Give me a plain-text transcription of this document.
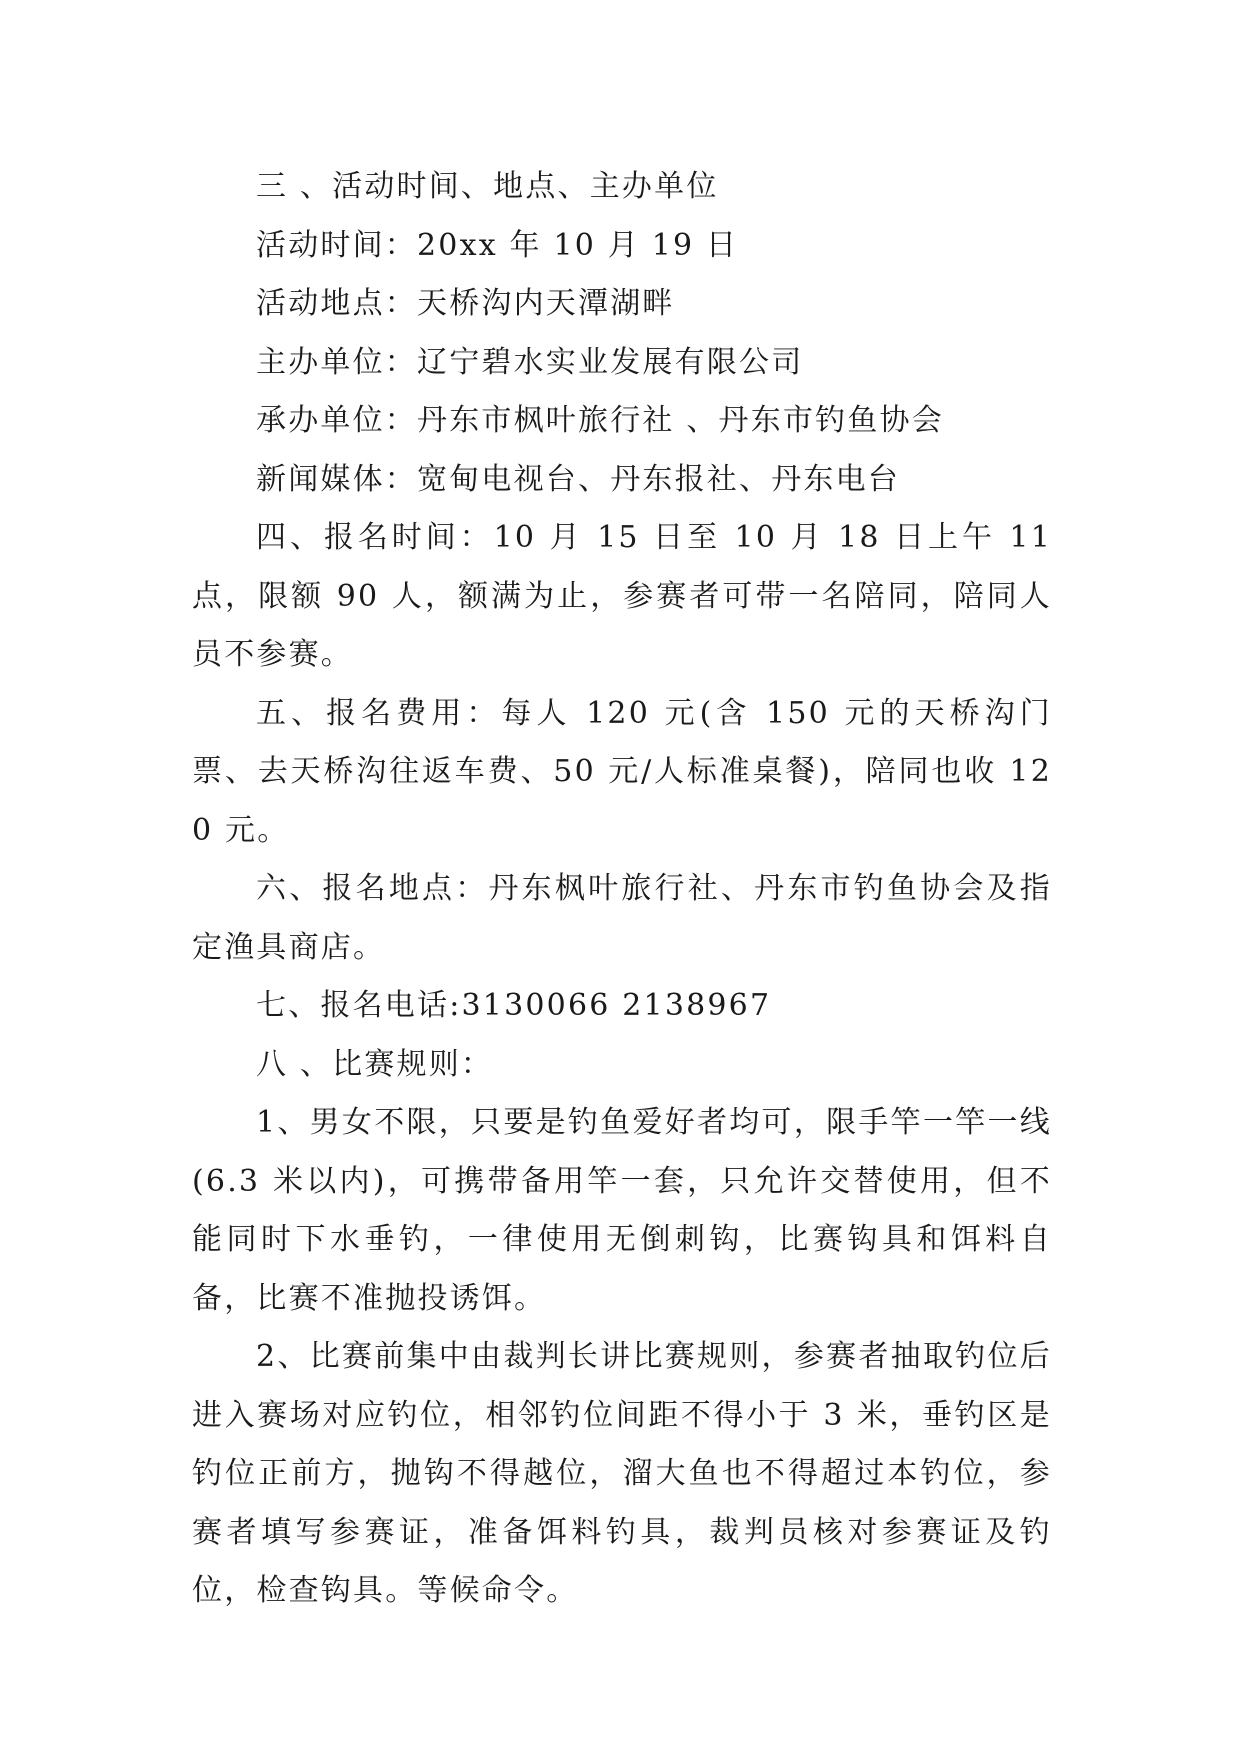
三 、活动时间、地点、主办单位

活动时间：20xx 年 10 月 19 日

活动地点：天桥沟内天潭湖畔

主办单位：辽宁碧水实业发展有限公司

承办单位：丹东市枫叶旅行社 、丹东市钓鱼协会

新闻媒体：宽甸电视台、丹东报社、丹东电台

四、报名时间：10 月 15 日至 10 月 18 日上午 11 点，限额 90 人，额满为止，参赛者可带一名陪同，陪同人员不参赛。

五、报名费用：每人 120 元(含 150 元的天桥沟门票、去天桥沟往返车费、50 元/人标准桌餐)，陪同也收 120 元。

六、报名地点：丹东枫叶旅行社、丹东市钓鱼协会及指定渔具商店。

七、报名电话:3130066 2138967

八 、比赛规则：

1、男女不限，只要是钓鱼爱好者均可，限手竿一竿一线(6.3 米以内)，可携带备用竿一套，只允许交替使用，但不能同时下水垂钓，一律使用无倒刺钩，比赛钩具和饵料自备，比赛不准抛投诱饵。

2、比赛前集中由裁判长讲比赛规则，参赛者抽取钓位后进入赛场对应钓位，相邻钓位间距不得小于 3 米，垂钓区是钓位正前方，抛钩不得越位，溜大鱼也不得超过本钓位，参赛者填写参赛证，准备饵料钓具，裁判员核对参赛证及钓位，检查钩具。等候命令。
